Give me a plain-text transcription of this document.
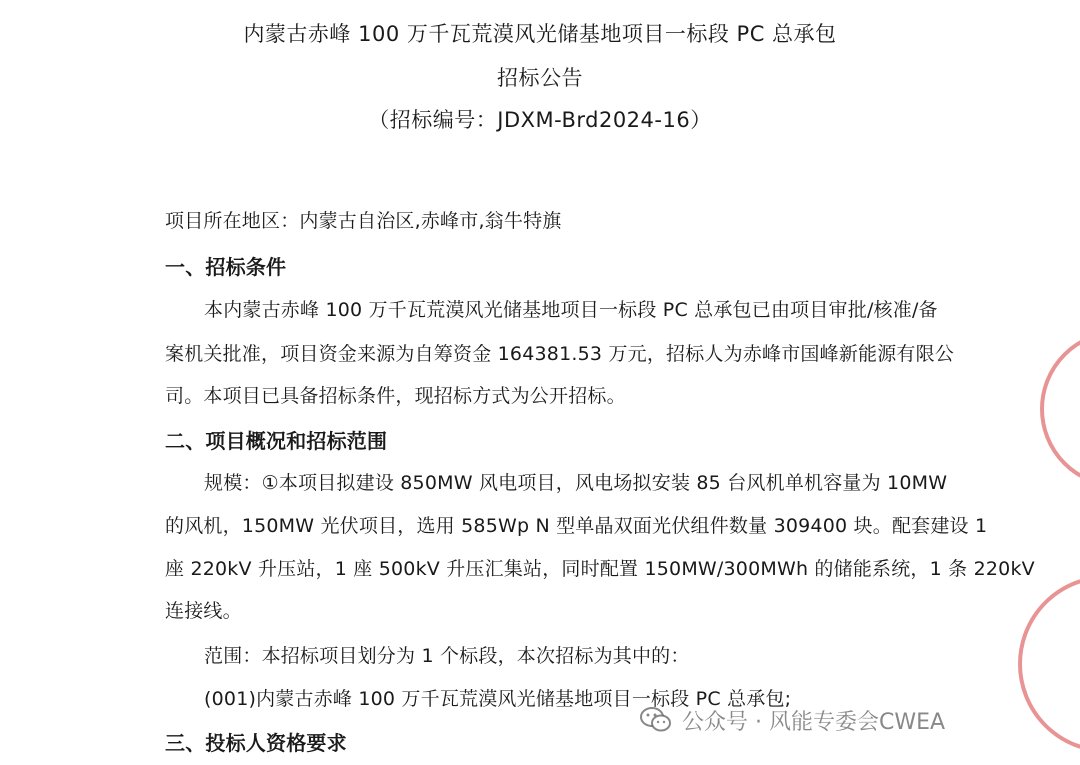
内蒙古赤峰 100 万千瓦荒漠风光储基地项目一标段 PC 总承包
招标公告
（招标编号：JDXM-Brd2024-16）
项目所在地区：内蒙古自治区,赤峰市,翁牛特旗
一、招标条件
本内蒙古赤峰 100 万千瓦荒漠风光储基地项目一标段 PC 总承包已由项目审批/核准/备
案机关批准，项目资金来源为自筹资金 164381.53 万元，招标人为赤峰市国峰新能源有限公
司。本项目已具备招标条件，现招标方式为公开招标。
二、项目概况和招标范围
规模：①本项目拟建设 850MW 风电项目，风电场拟安装 85 台风机单机容量为 10MW
的风机，150MW 光伏项目，选用 585Wp N 型单晶双面光伏组件数量 309400 块。配套建设 1
座 220kV 升压站，1 座 500kV 升压汇集站，同时配置 150MW/300MWh 的储能系统，1 条 220kV
连接线。
范围：本招标项目划分为 1 个标段，本次招标为其中的：
(001)内蒙古赤峰 100 万千瓦荒漠风光储基地项目一标段 PC 总承包;
三、投标人资格要求
公众号 · 风能专委会CWEA
